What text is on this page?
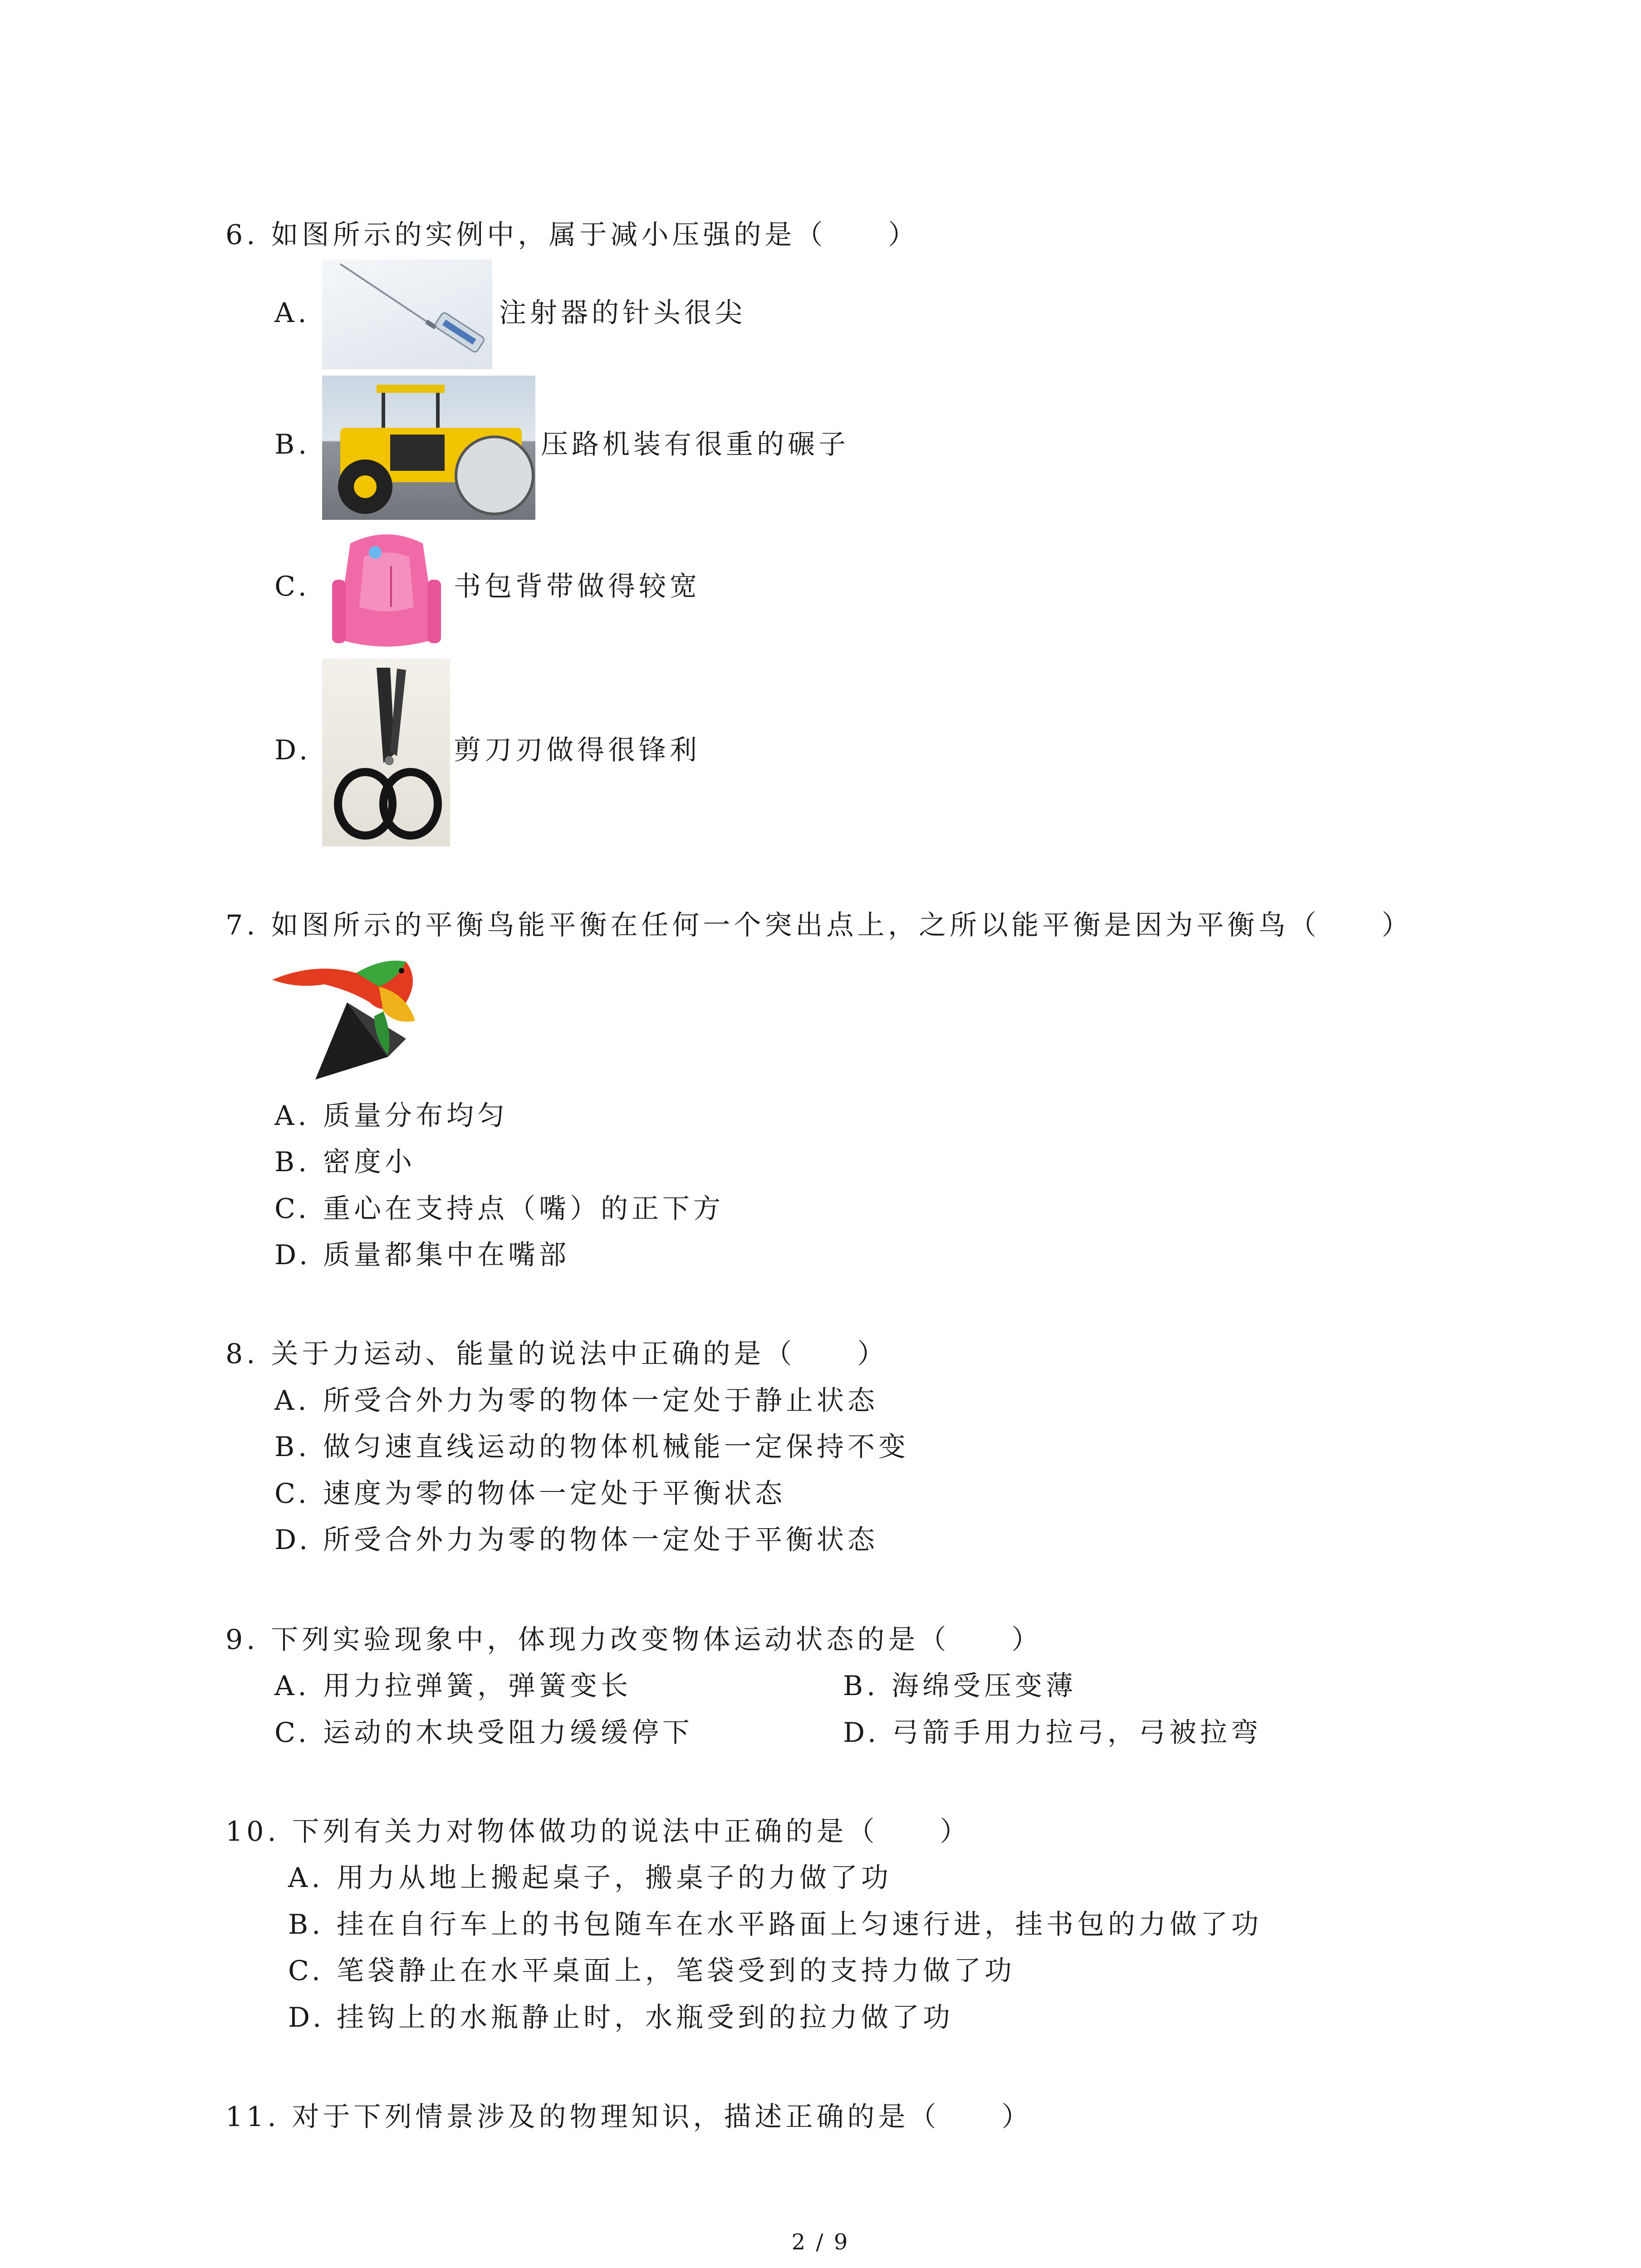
6. 如图所示的实例中，属于减小压强的是（　　）
A.	注射器的针头很尖
B.	压路机装有很重的碾子
C.	书包背带做得较宽
D.	剪刀刃做得很锋利
7. 如图所示的平衡鸟能平衡在任何一个突出点上，之所以能平衡是因为平衡鸟（　　）
A. 质量分布均匀
B. 密度小
C. 重心在支持点（嘴）的正下方
D. 质量都集中在嘴部
8. 关于力运动、能量的说法中正确的是（　　）
A. 所受合外力为零的物体一定处于静止状态
B. 做匀速直线运动的物体机械能一定保持不变
C. 速度为零的物体一定处于平衡状态
D. 所受合外力为零的物体一定处于平衡状态
9. 下列实验现象中，体现力改变物体运动状态的是（　　）
A. 用力拉弹簧，弹簧变长	B. 海绵受压变薄
C. 运动的木块受阻力缓缓停下	D. 弓箭手用力拉弓，弓被拉弯
10. 下列有关力对物体做功的说法中正确的是（　　）
A. 用力从地上搬起桌子，搬桌子的力做了功
B. 挂在自行车上的书包随车在水平路面上匀速行进，挂书包的力做了功
C. 笔袋静止在水平桌面上，笔袋受到的支持力做了功
D. 挂钩上的水瓶静止时，水瓶受到的拉力做了功
11. 对于下列情景涉及的物理知识，描述正确的是（　　）
2 / 9
